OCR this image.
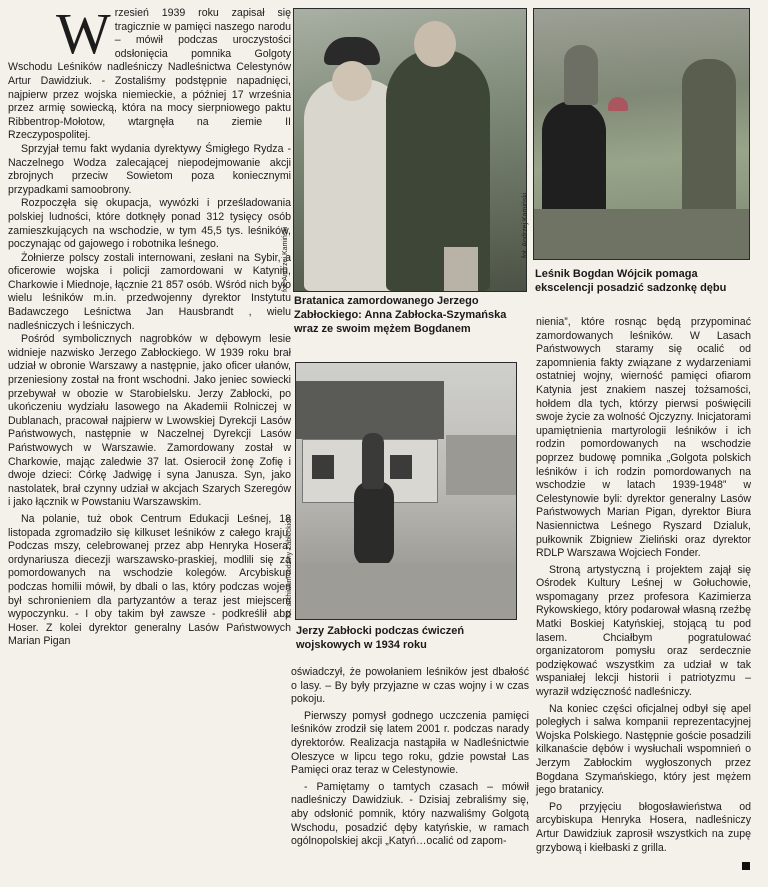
W rzesień 1939 roku zapisał się tragicznie w pamięci naszego narodu – mówił podczas uroczystości odsłonięcia pomnika Golgoty Wschodu Leśników nadleśniczy Nadleśnictwa Celestynów Artur Dawidziuk. - Zostaliśmy podstępnie napadnięci, najpierw przez wojska niemieckie, a później 17 września przez armię sowiecką, która na mocy sierpniowego paktu Ribbentrop-Mołotow, wtargnęła na ziemie II Rzeczypospolitej.

Sprzyjał temu fakt wydania dyrektywy Śmigłego Rydza - Naczelnego Wodza zalecającej niepodejmowanie akcji zbrojnych przeciw Sowietom poza koniecznymi przypadkami samoobrony.

Rozpoczęła się okupacja, wywózki i prześladowania polskiej ludności, które dotknęły ponad 312 tysięcy osób zamieszkujących na wschodzie, w tym 45,5 tys. leśników, poczynając od gajowego i robotnika leśnego.

Żołnierze polscy zostali internowani, zesłani na Sybir, a oficerowie wojska i policji zamordowani w Katyniu, Charkowie i Miednoje, łącznie 21 857 osób. Wśród nich było wielu leśników m.in. przedwojenny dyrektor Instytutu Badawczego Leśnictwa Jan Hausbrandt , wielu nadleśniczych i leśniczych.

Pośród symbolicznych nagrobków w dębowym lesie widnieje nazwisko Jerzego Zabłockiego. W 1939 roku brał udział w obronie Warszawy a następnie, jako oficer ułanów, przeniesiony został na front wschodni. Jako jeniec sowiecki przebywał w obozie w Starobielsku. Jerzy Zabłocki, po ukończeniu wydziału lasowego na Akademii Rolniczej w Dublanach, pracował najpierw w Lwowskiej Dyrekcji Lasów Państwowych, następnie w Naczelnej Dyrekcji Lasów Państwowych w Warszawie. Zamordowany został w Charkowie, mając zaledwie 37 lat. Osierocił żonę Zofię i dwoje dzieci: Córkę Jadwigę i syna Janusza. Syn, jako nastolatek, brał czynny udział w akcjach Szarych Szeregów i jako łącznik w Powstaniu Warszawskim.

Na polanie, tuż obok Centrum Edukacji Leśnej, 18 listopada zgromadziło się kilkuset leśników z całego kraju. Podczas mszy, celebrowanej przez abp Henryka Hosera, ordynariusza diecezji warszawsko-praskiej, modlili się za pomordowanych na wschodzie kolegów. Arcybiskup podczas homilii mówił, by dbali o las, który podczas wojen był schronieniem dla partyzantów a teraz jest miejscem wypoczynku. - I oby takim był zawsze - podkreślił abp Hoser. Z kolei dyrektor generalny Lasów Państwowych Marian Pigan

fot. Andrzej Kamiński
Bratanica zamordowanego Jerzego Zabłockiego: Anna Zabłocka-Szymańska wraz ze swoim mężem Bogdanem
fot. Andrzej Kamiński
Leśnik Bogdan Wójcik pomaga ekscelencji posadzić sadzonkę dębu
fot. archiwum rodziny Zabłockich
Jerzy Zabłocki podczas ćwiczeń wojskowych w 1934 roku

oświadczył, że powołaniem leśników jest dbałość o lasy. – By były przyjazne w czas wojny i w czas pokoju.

Pierwszy pomysł godnego uczczenia pamięci leśników zrodził się latem 2001 r. podczas narady dyrektorów. Realizacja nastąpiła w Nadleśnictwie Oleszyce w lipcu tego roku, gdzie powstał Las Pamięci oraz teraz w Celestynowie.

- Pamiętamy o tamtych czasach – mówił nadleśniczy Dawidziuk. - Dzisiaj zebraliśmy się, aby odsłonić pomnik, który nazwaliśmy Golgotą Wschodu, posadzić dęby katyńskie, w ramach ogólnopolskiej akcji „Katyń…ocalić od zapom-

nienia”, które rosnąc będą przypominać zamordowanych leśników. W Lasach Państwowych staramy się ocalić od zapomnienia fakty związane z wydarzeniami ostatniej wojny, wierność pamięci ofiarom Katynia jest znakiem naszej tożsamości, hołdem dla tych, którzy pierwsi poświęcili swoje życie za wolność Ojczyzny. Inicjatorami upamiętnienia martyrologii leśników i ich rodzin pomordowanych na wschodzie poprzez budowę pomnika „Golgota polskich leśników i ich rodzin pomordowanych na wschodzie w latach 1939-1948” w Celestynowie byli: dyrektor generalny Lasów Państwowych Marian Pigan, dyrektor Biura Nasiennictwa Leśnego Ryszard Dzialuk, pułkownik Zbigniew Zieliński oraz dyrektor RDLP Warszawa Wojciech Fonder.

Stroną artystyczną i projektem zajął się Ośrodek Kultury Leśnej w Gołuchowie, wspomagany przez profesora Kazimierza Rykowskiego, który podarował własną rzeźbę Matki Boskiej Katyńskiej, stojącą tu pod lasem. Chciałbym pogratulować organizatorom pomysłu oraz serdecznie podziękować wszystkim za udział w tak wspaniałej lekcji historii i patriotyzmu – wyraził wdzięczność nadleśniczy.

Na koniec części oficjalnej odbył się apel poległych i salwa kompanii reprezentacyjnej Wojska Polskiego. Następnie goście posadzili kilkanaście dębów i wysłuchali wspomnień o Jerzym Zabłockim wygłoszonych przez Bogdana Szymańskiego, który jest mężem jego bratanicy.

Po przyjęciu błogosławieństwa od arcybiskupa Henryka Hosera, nadleśniczy Artur Dawidziuk zaprosił wszystkich na zupę grzybową i kiełbaski z grilla.
